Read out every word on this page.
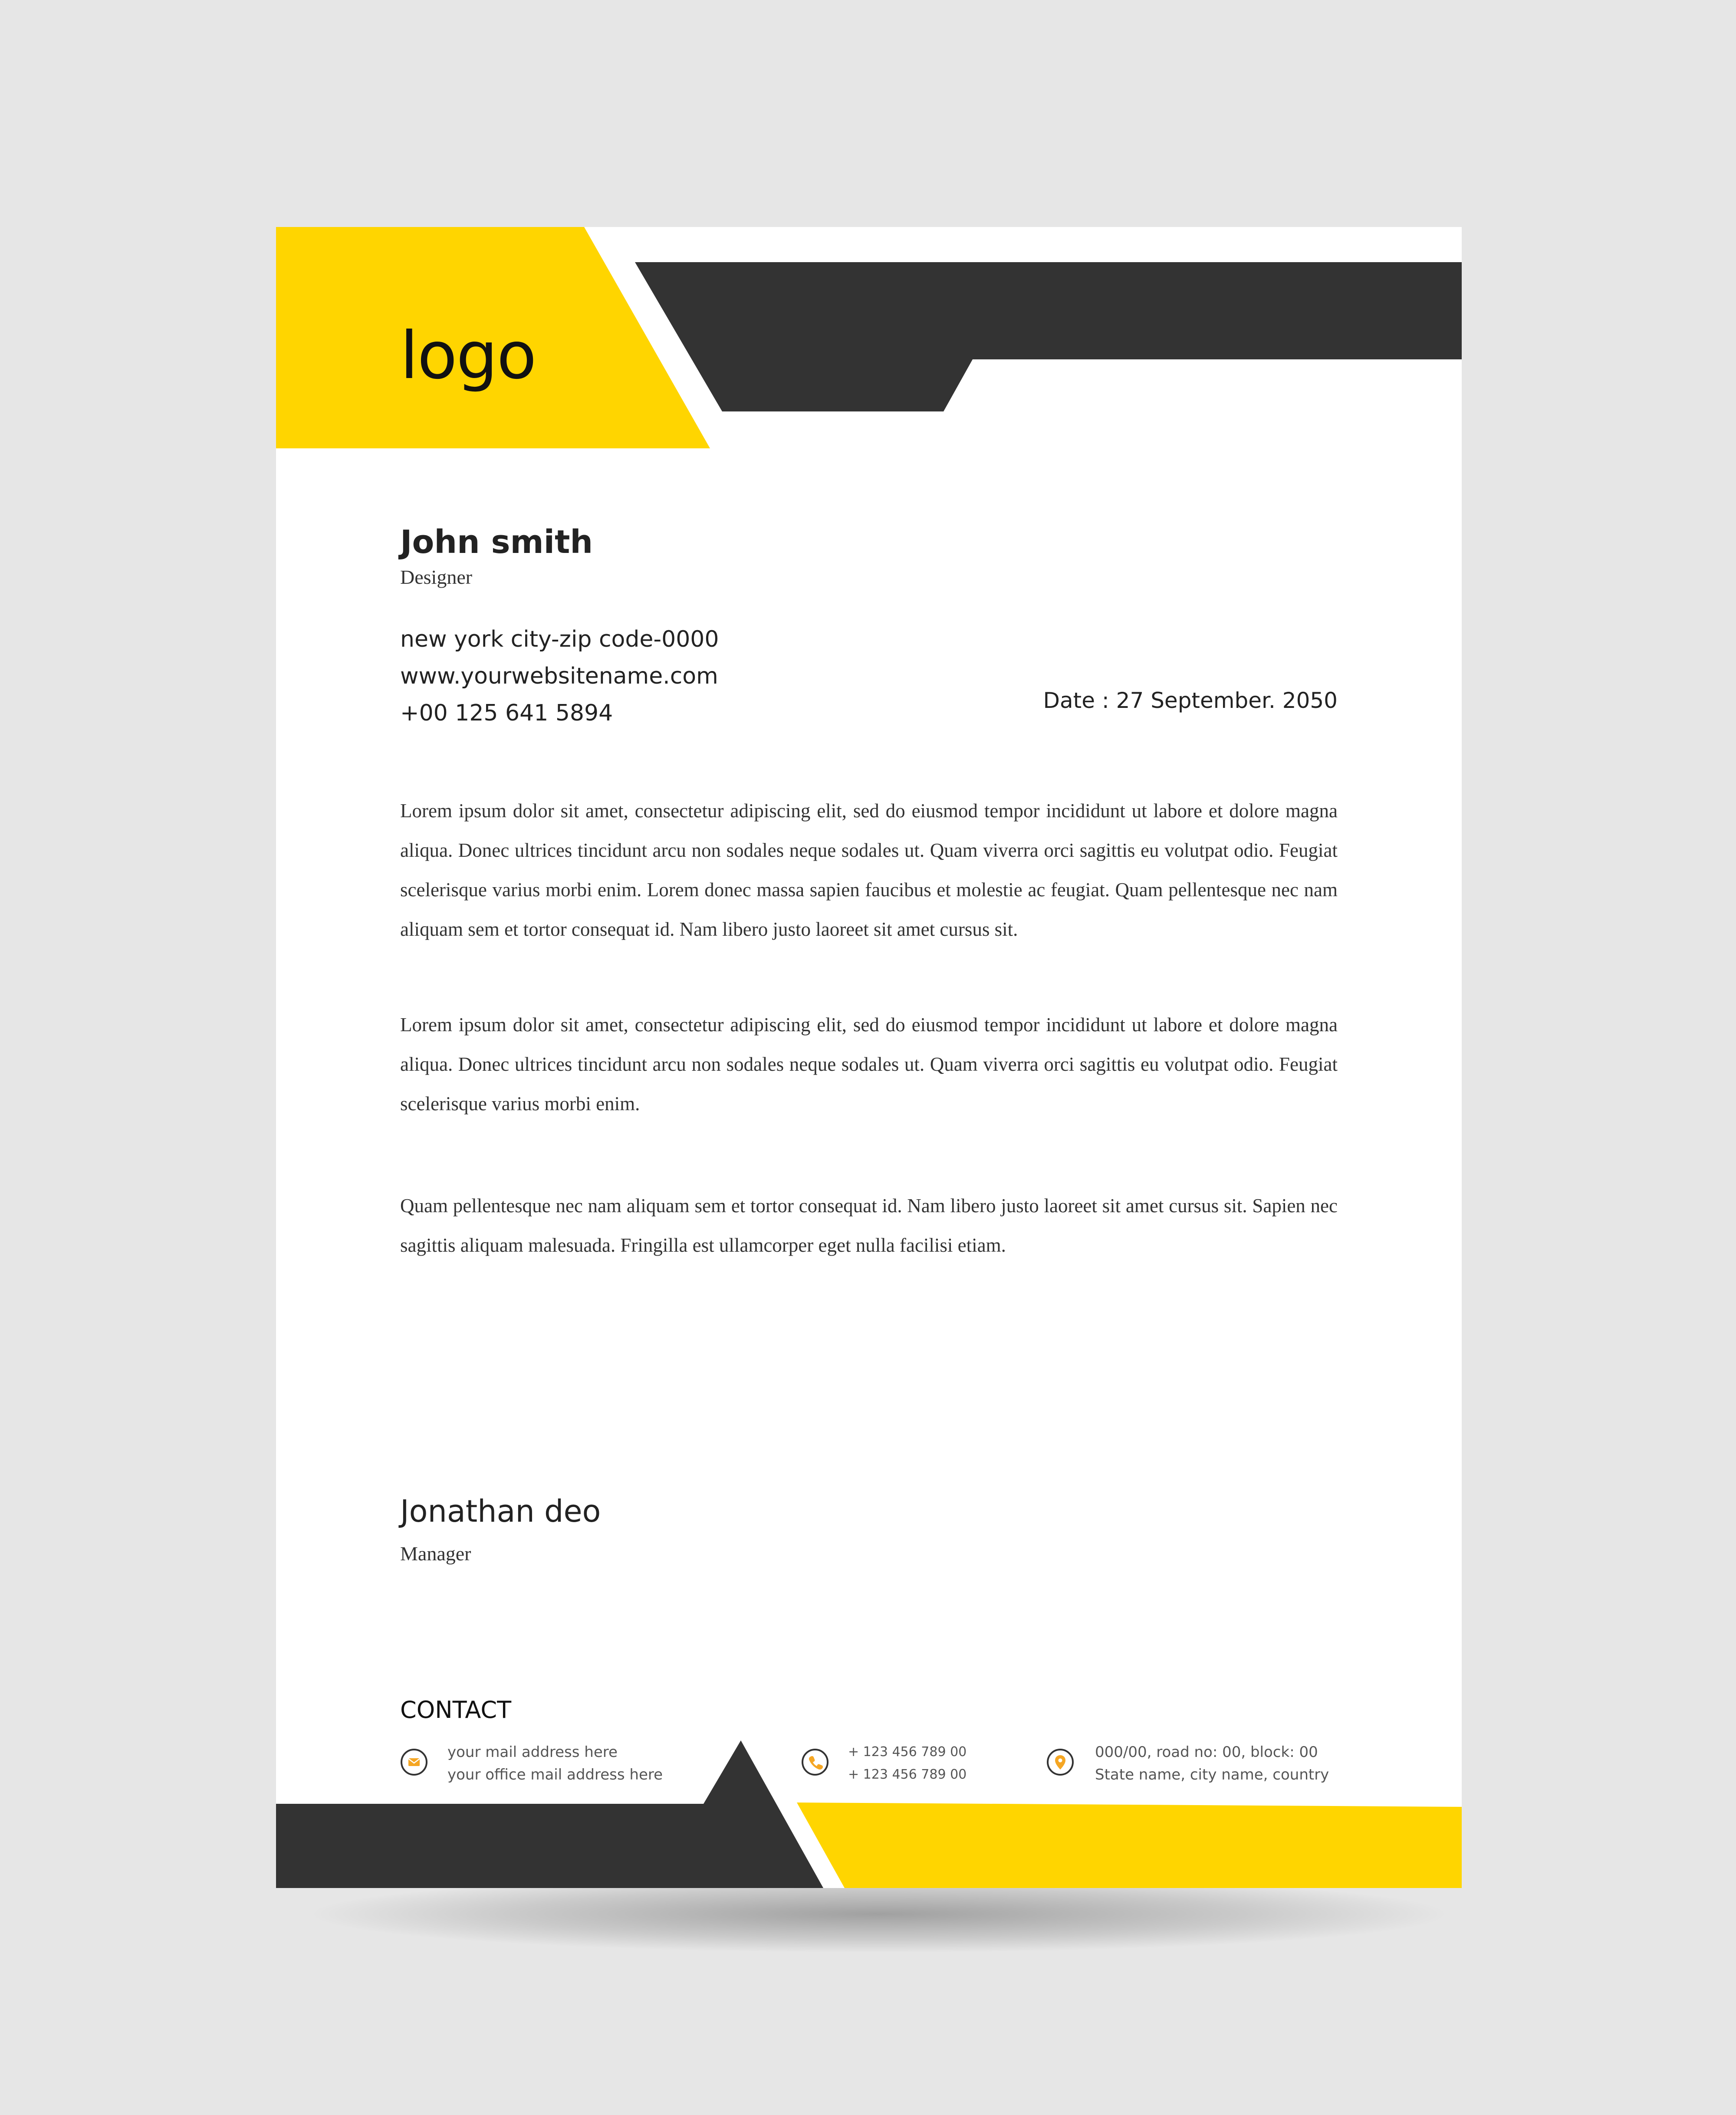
logo
John smith
Designer
new york city-zip code-0000
www.yourwebsitename.com
+00 125 641 5894	Date : 27 September. 2050

Lorem ipsum dolor sit amet, consectetur adipiscing elit, sed do eiusmod tempor incididunt ut labore et dolore magna aliqua. Donec ultrices tincidunt arcu non sodales neque sodales ut. Quam viverra orci sagittis eu volutpat odio. Feugiat scelerisque varius morbi enim. Lorem donec massa sapien faucibus et molestie ac feugiat. Quam pellentesque nec nam aliquam sem et tortor consequat id. Nam libero justo laoreet sit amet cursus sit.

Lorem ipsum dolor sit amet, consectetur adipiscing elit, sed do eiusmod tempor incididunt ut labore et dolore magna aliqua. Donec ultrices tincidunt arcu non sodales neque sodales ut. Quam viverra orci sagittis eu volutpat odio. Feugiat scelerisque varius morbi enim.

Quam pellentesque nec nam aliquam sem et tortor consequat id. Nam libero justo laoreet sit amet cursus sit. Sapien nec sagittis aliquam malesuada. Fringilla est ullamcorper eget nulla facilisi etiam.

Jonathan deo
Manager
CONTACT
your mail address here
your office mail address here
+ 123 456 789 00
+ 123 456 789 00
000/00, road no: 00, block: 00
State name, city name, country
